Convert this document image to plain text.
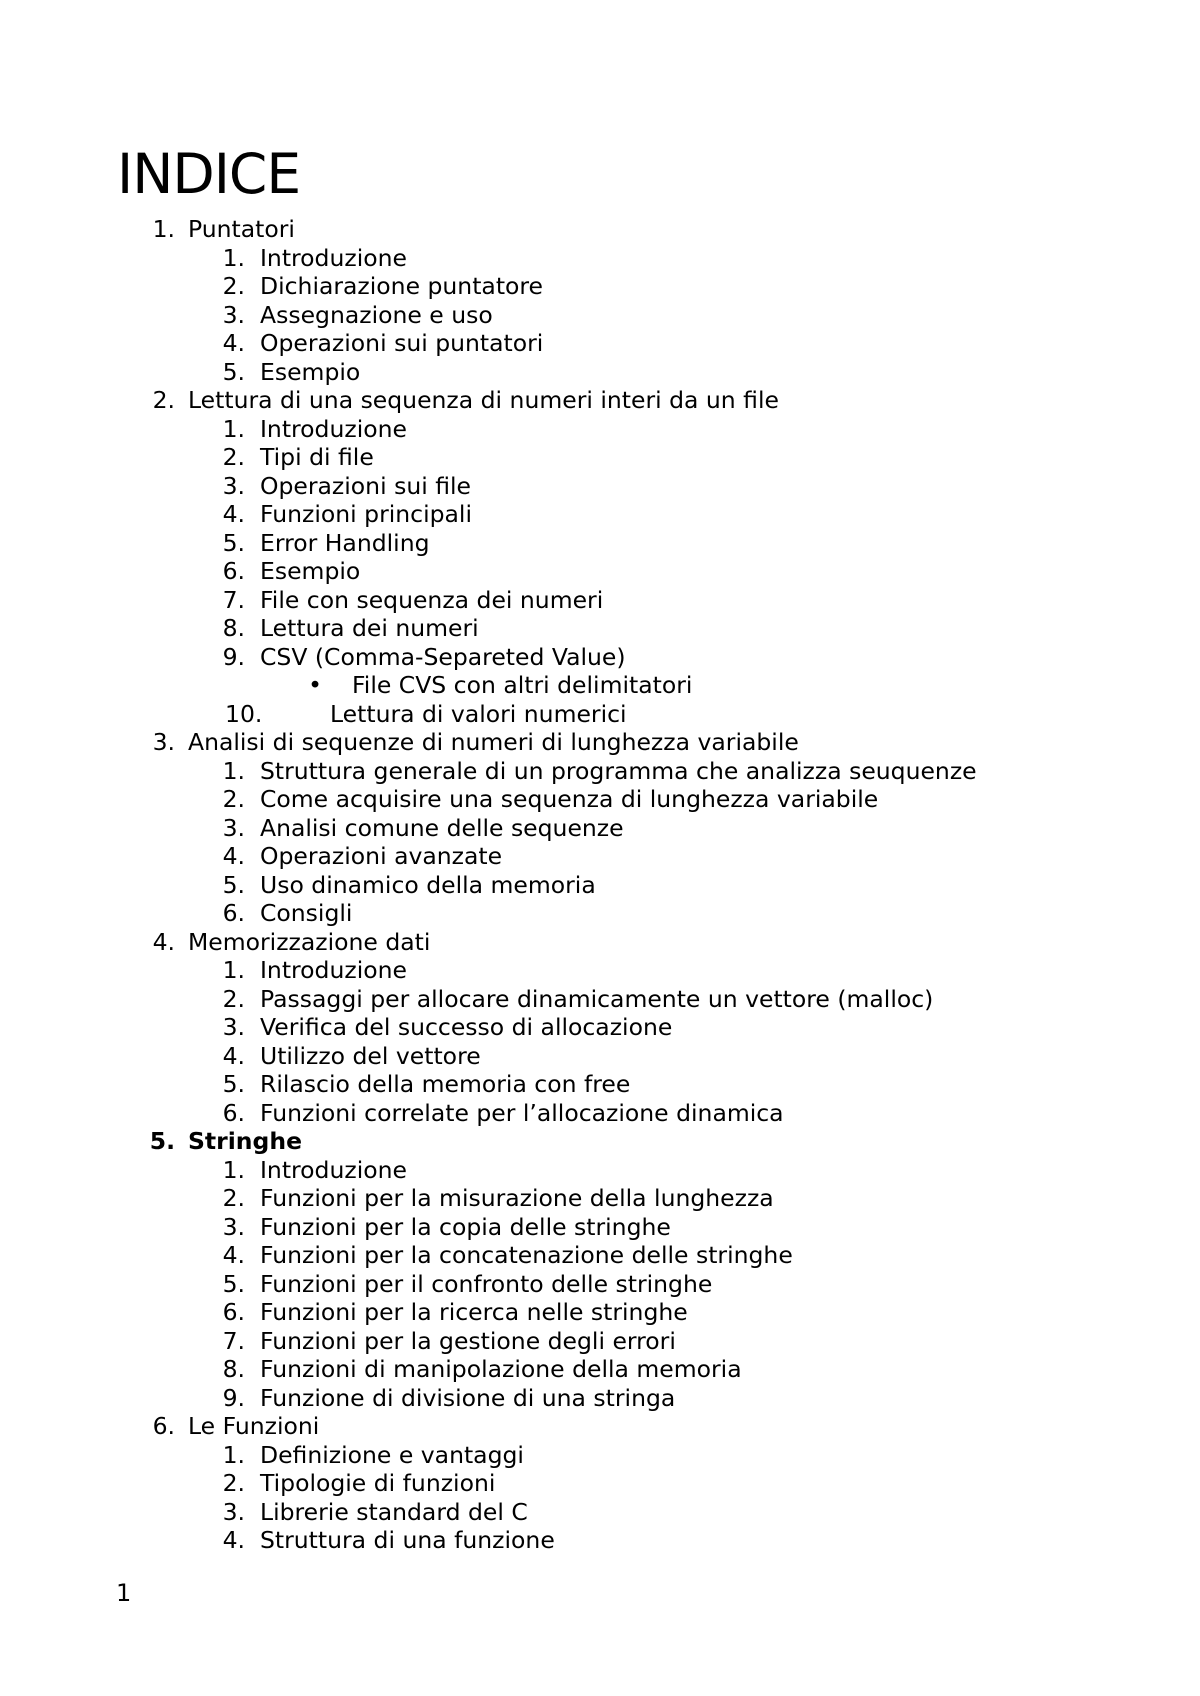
INDICE
1. Puntatori
1. Introduzione
2. Dichiarazione puntatore
3. Assegnazione e uso
4. Operazioni sui puntatori
5. Esempio
2. Lettura di una sequenza di numeri interi da un file
1. Introduzione
2. Tipi di file
3. Operazioni sui file
4. Funzioni principali
5. Error Handling
6. Esempio
7. File con sequenza dei numeri
8. Lettura dei numeri
9. CSV (Comma-Separeted Value)
•	File CVS con altri delimitatori
10.	Lettura di valori numerici
3. Analisi di sequenze di numeri di lunghezza variabile
1. Struttura generale di un programma che analizza seuquenze
2. Come acquisire una sequenza di lunghezza variabile
3. Analisi comune delle sequenze
4. Operazioni avanzate
5. Uso dinamico della memoria
6. Consigli
4. Memorizzazione dati
1. Introduzione
2. Passaggi per allocare dinamicamente un vettore (malloc)
3. Verifica del successo di allocazione
4. Utilizzo del vettore
5. Rilascio della memoria con free
6. Funzioni correlate per l’allocazione dinamica
5. Stringhe
1. Introduzione
2. Funzioni per la misurazione della lunghezza
3. Funzioni per la copia delle stringhe
4. Funzioni per la concatenazione delle stringhe
5. Funzioni per il confronto delle stringhe
6. Funzioni per la ricerca nelle stringhe
7. Funzioni per la gestione degli errori
8. Funzioni di manipolazione della memoria
9. Funzione di divisione di una stringa
6. Le Funzioni
1. Definizione e vantaggi
2. Tipologie di funzioni
3. Librerie standard del C
4. Struttura di una funzione
1
